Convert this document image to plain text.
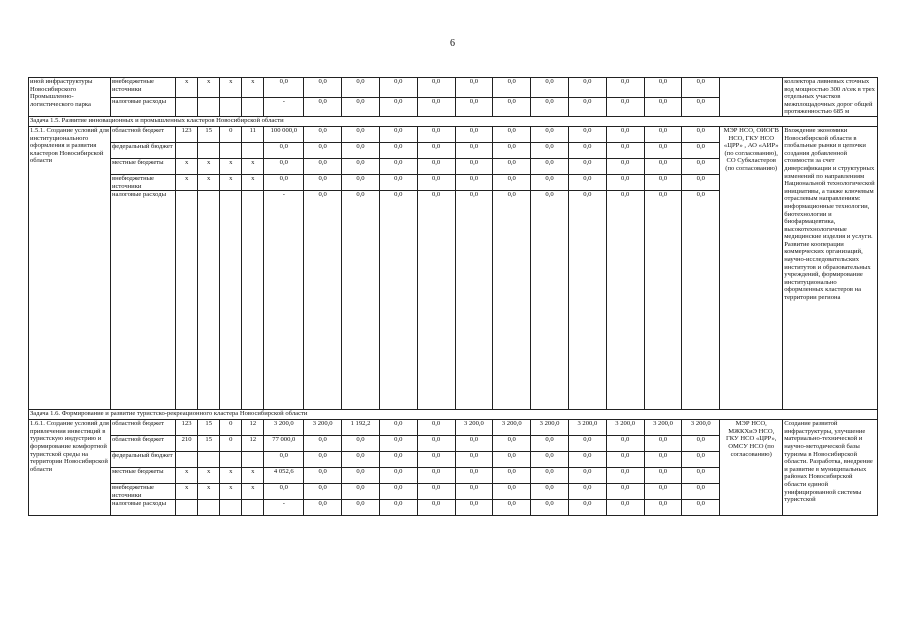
6
иной инфраструктуры Новосибирского Промышленно-логистического парка	внебюджетные источники	x	x	x	x	0,0	0,0	0,0	0,0	0,0	0,0	0,0	0,0	0,0	0,0	0,0	0,0		коллектора ливневых сточных вод мощностью 300 л/сек в трех отдельных участков межплощадочных дорог общей протяженностью 685 м
	налоговые расходы					-	0,0	0,0	0,0	0,0	0,0	0,0	0,0	0,0	0,0	0,0	0,0		
Задача 1.5. Развитие инновационных и промышленных кластеров Новосибирской области																			
1.5.1. Создание условий для институционального оформления и развития кластеров Новосибирской области	областной бюджет	123	15	0	11	100 000,0	0,0	0,0	0,0	0,0	0,0	0,0	0,0	0,0	0,0	0,0	0,0	МЭР НСО, ОИОГВ НСО, ГКУ НСО «ЦРР» , АО «АИР» (по согласованию), СО Субкластеров (по согласованию)	Вхождение экономики Новосибирской области в глобальные рынки в цепочки создания добавленной стоимости за счет диверсификации и структурных изменений по направлениям Национальной технологической инициативы, а также ключевым отраслевым направлениям: информационные технологии, биотехнологии и биофармацевтика, высокотехнологичные медицинские изделия и услуги. Развитие кооперации коммерческих организаций, научно-исследовательских институтов и образовательных учреждений, формирование институционально оформленных кластеров на территории региона
	федеральный бюджет					0,0	0,0	0,0	0,0	0,0	0,0	0,0	0,0	0,0	0,0	0,0	0,0		
	местные бюджеты	x	x	x	x	0,0	0,0	0,0	0,0	0,0	0,0	0,0	0,0	0,0	0,0	0,0	0,0		
	внебюджетные источники	x	x	x	x	0,0	0,0	0,0	0,0	0,0	0,0	0,0	0,0	0,0	0,0	0,0	0,0		
	налоговые расходы					-	0,0	0,0	0,0	0,0	0,0	0,0	0,0	0,0	0,0	0,0	0,0		
Задача 1.6. Формирование и развитие туристско-рекреационного кластера Новосибирской области																			
1.6.1. Создание условий для привлечения инвестиций в туристскую индустрию и формирование комфортной туристской среды на территории Новосибирской области	областной бюджет	123	15	0	12	3 200,0	3 200,0	1 192,2	0,0	0,0	3 200,0	3 200,0	3 200,0	3 200,0	3 200,0	3 200,0	3 200,0	МЭР НСО, МЖКХиЭ НСО, ГКУ НСО «ЦРР», ОМСУ НСО (по согласованию)	Создание развитой инфраструктуры, улучшение материально-технической и научно-методической базы туризма в Новосибирской области. Разработка, внедрение и развитие в муниципальных районах Новосибирской области единой унифицированной системы туристской
	областной бюджет	210	15	0	12	77 000,0	0,0	0,0	0,0	0,0	0,0	0,0	0,0	0,0	0,0	0,0	0,0		
	федеральный бюджет					0,0	0,0	0,0	0,0	0,0	0,0	0,0	0,0	0,0	0,0	0,0	0,0		
	местные бюджеты	x	x	x	x	4 052,6	0,0	0,0	0,0	0,0	0,0	0,0	0,0	0,0	0,0	0,0	0,0		
	внебюджетные источники	x	x	x	x	0,0	0,0	0,0	0,0	0,0	0,0	0,0	0,0	0,0	0,0	0,0	0,0		
	налоговые расходы					-	0,0	0,0	0,0	0,0	0,0	0,0	0,0	0,0	0,0	0,0	0,0		
